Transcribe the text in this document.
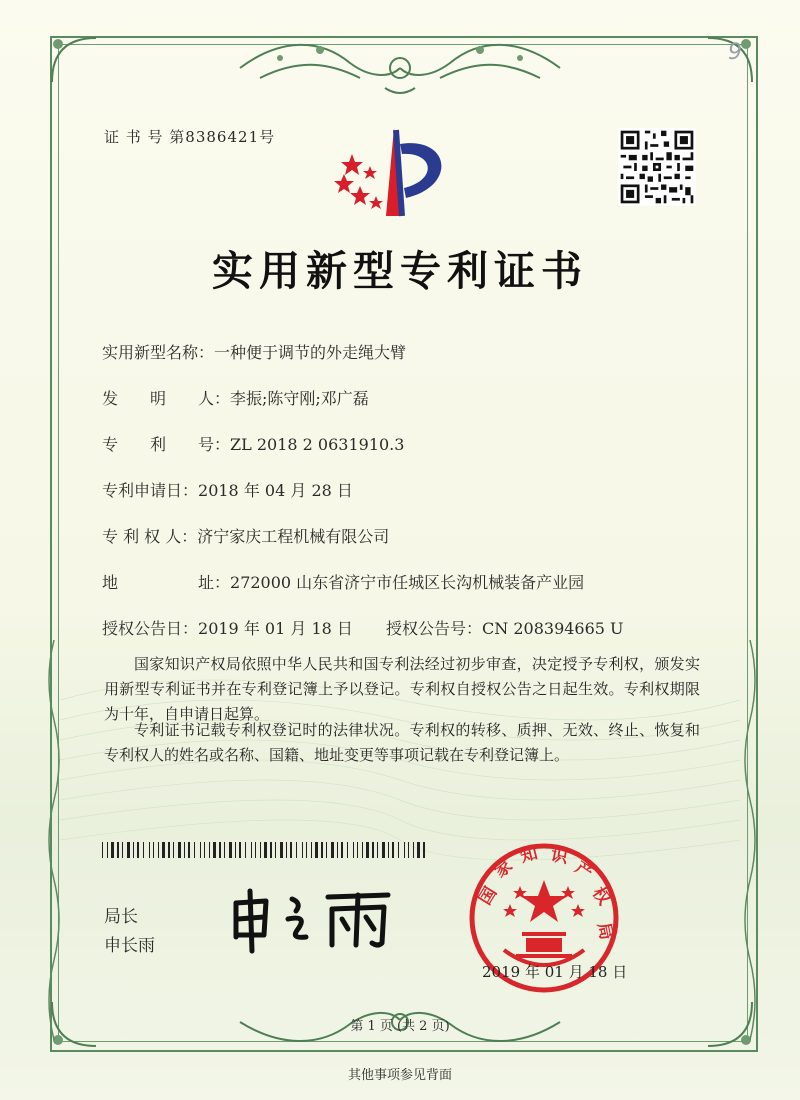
9
证 书 号 第8386421号
实用新型专利证书
实用新型名称：一种便于调节的外走绳大臂
发　　明　　人：李振;陈守刚;邓广磊
专　　利　　号：ZL 2018 2 0631910.3
专利申请日：2018 年 04 月 28 日
专 利 权 人：济宁家庆工程机械有限公司
地　　　　　址：272000 山东省济宁市任城区长沟机械装备产业园
授权公告日：2019 年 01 月 18 日 授权公告号：CN 208394665 U
国家知识产权局依照中华人民共和国专利法经过初步审查，决定授予专利权，颁发实用新型专利证书并在专利登记簿上予以登记。专利权自授权公告之日起生效。专利权期限为十年，自申请日起算。
专利证书记载专利权登记时的法律状况。专利权的转移、质押、无效、终止、恢复和专利权人的姓名或名称、国籍、地址变更等事项记载在专利登记簿上。
局长
申长雨
国
家
知 识
产
权
局
2019 年 01 月 18 日
第 1 页 (共 2 页)
其他事项参见背面
